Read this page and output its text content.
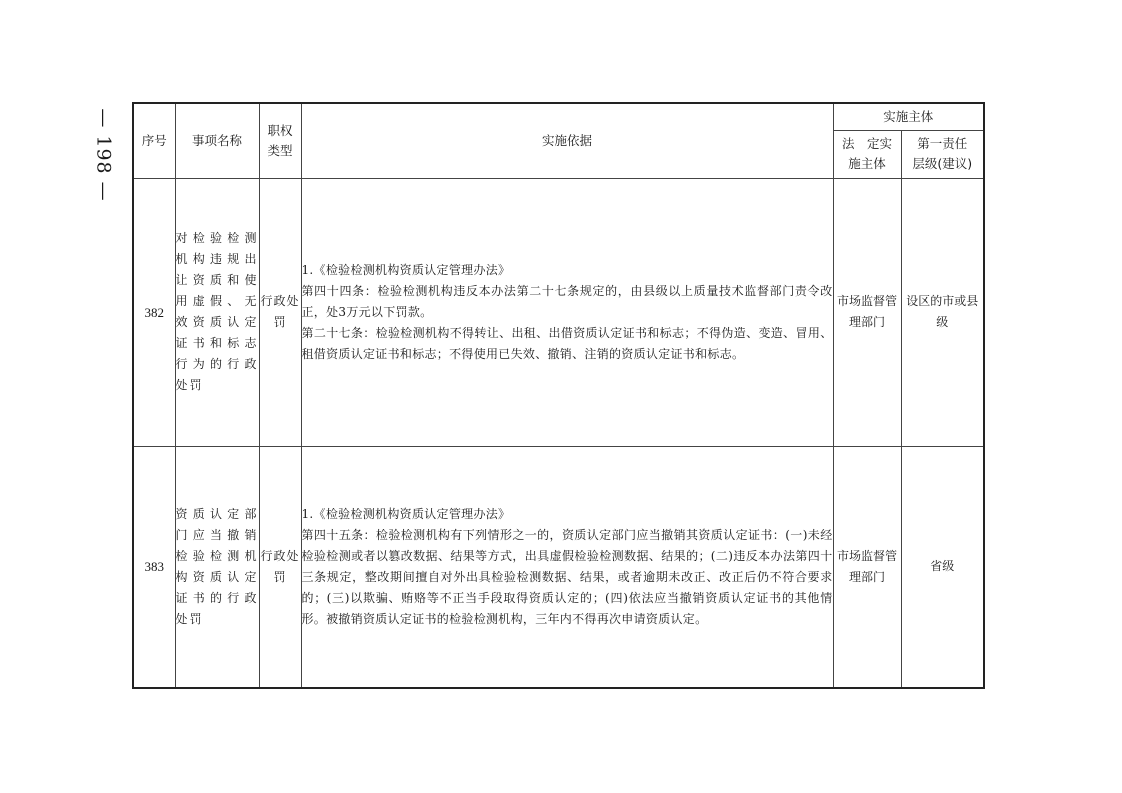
— 198 — 序号	事项名称	职权类型	实施依据	实施主体	
				法　定实施主体	第一责任层级(建议)
382	对检验检测机构违规出让资质和使用虚假、无效资质认定证书和标志行为的行政处罚	行政处罚	1.《检验检测机构资质认定管理办法》

第四十四条：检验检测机构违反本办法第二十七条规定的，由县级以上质量技术监督部门责令改正，处3万元以下罚款。

第二十七条：检验检测机构不得转让、出租、出借资质认定证书和标志；不得伪造、变造、冒用、租借资质认定证书和标志；不得使用已失效、撤销、注销的资质认定证书和标志。	市场监督管理部门	设区的市或县级
383	资质认定部门应当撤销检验检测机构资质认定证书的行政处罚	行政处罚	1.《检验检测机构资质认定管理办法》

第四十五条：检验检测机构有下列情形之一的，资质认定部门应当撤销其资质认定证书：(一)未经检验检测或者以篡改数据、结果等方式，出具虚假检验检测数据、结果的；(二)违反本办法第四十三条规定，整改期间擅自对外出具检验检测数据、结果，或者逾期未改正、改正后仍不符合要求的；(三)以欺骗、贿赂等不正当手段取得资质认定的；(四)依法应当撤销资质认定证书的其他情形。被撤销资质认定证书的检验检测机构，三年内不得再次申请资质认定。	市场监督管理部门	省级
